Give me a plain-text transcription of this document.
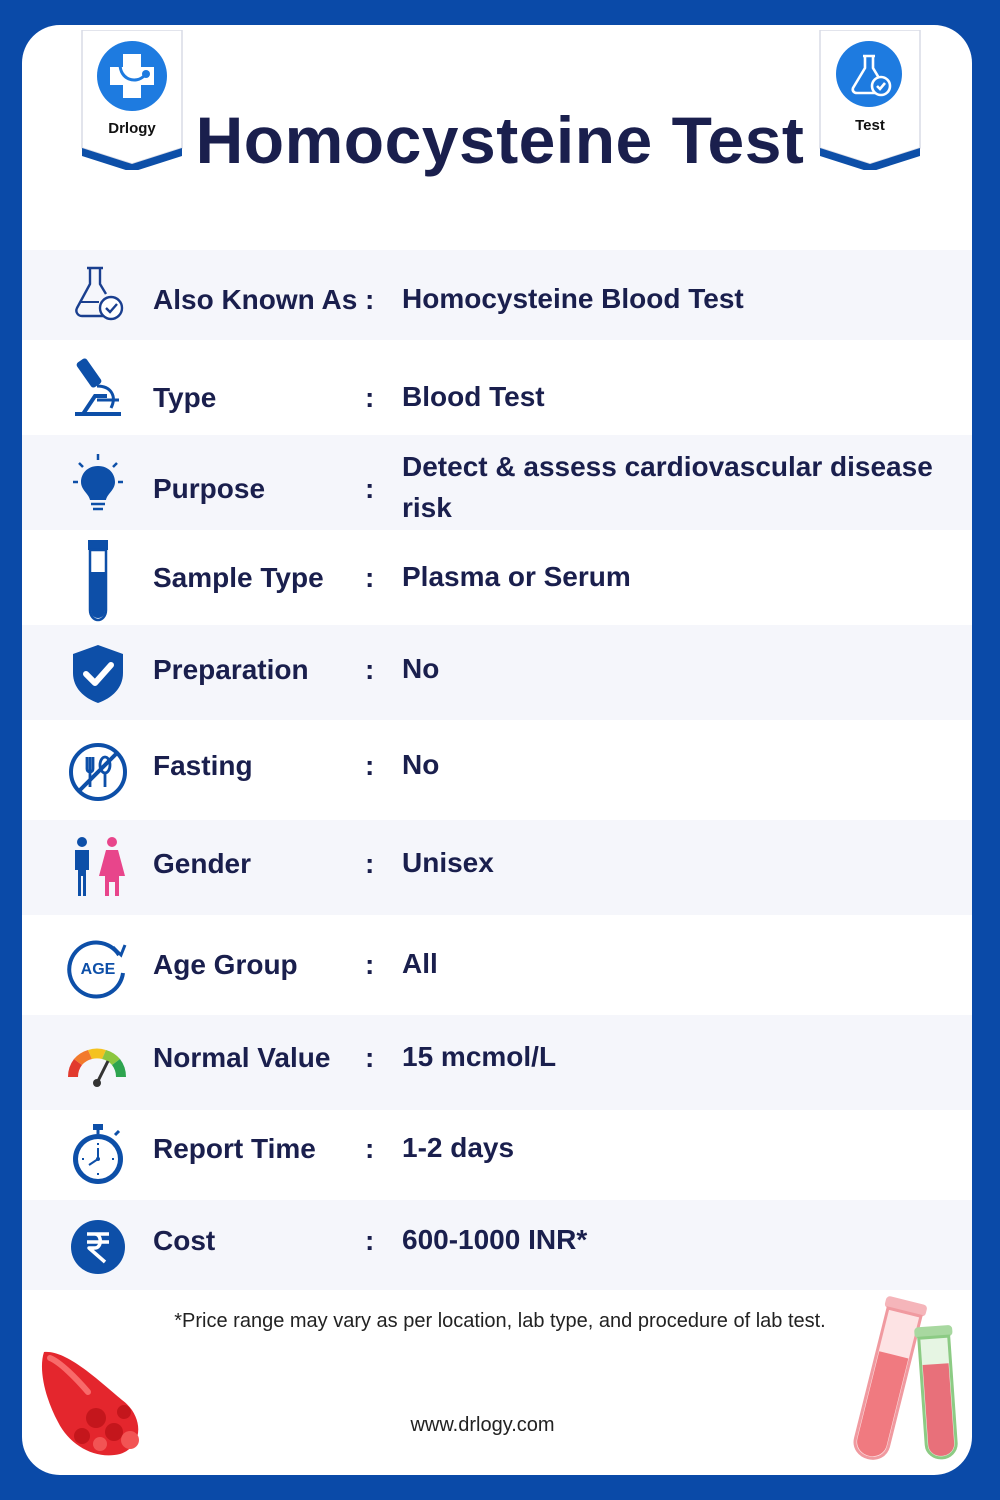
Drlogy	Test
Homocysteine Test
Also Known As : Homocysteine Blood Test
Type	: Blood Test
Purpose	:
Detect & assess cardiovascular disease risk
Sample Type : Plasma or Serum
Preparation : No
Fasting	: No
Gender	: Unisex
AGE Age Group : All
Normal Value : 15 mcmol/L
Report Time : 1-2 days
Cost	: 600-1000 INR*

*Price range may vary as per location, lab type, and procedure of lab test.

www.drlogy.com
